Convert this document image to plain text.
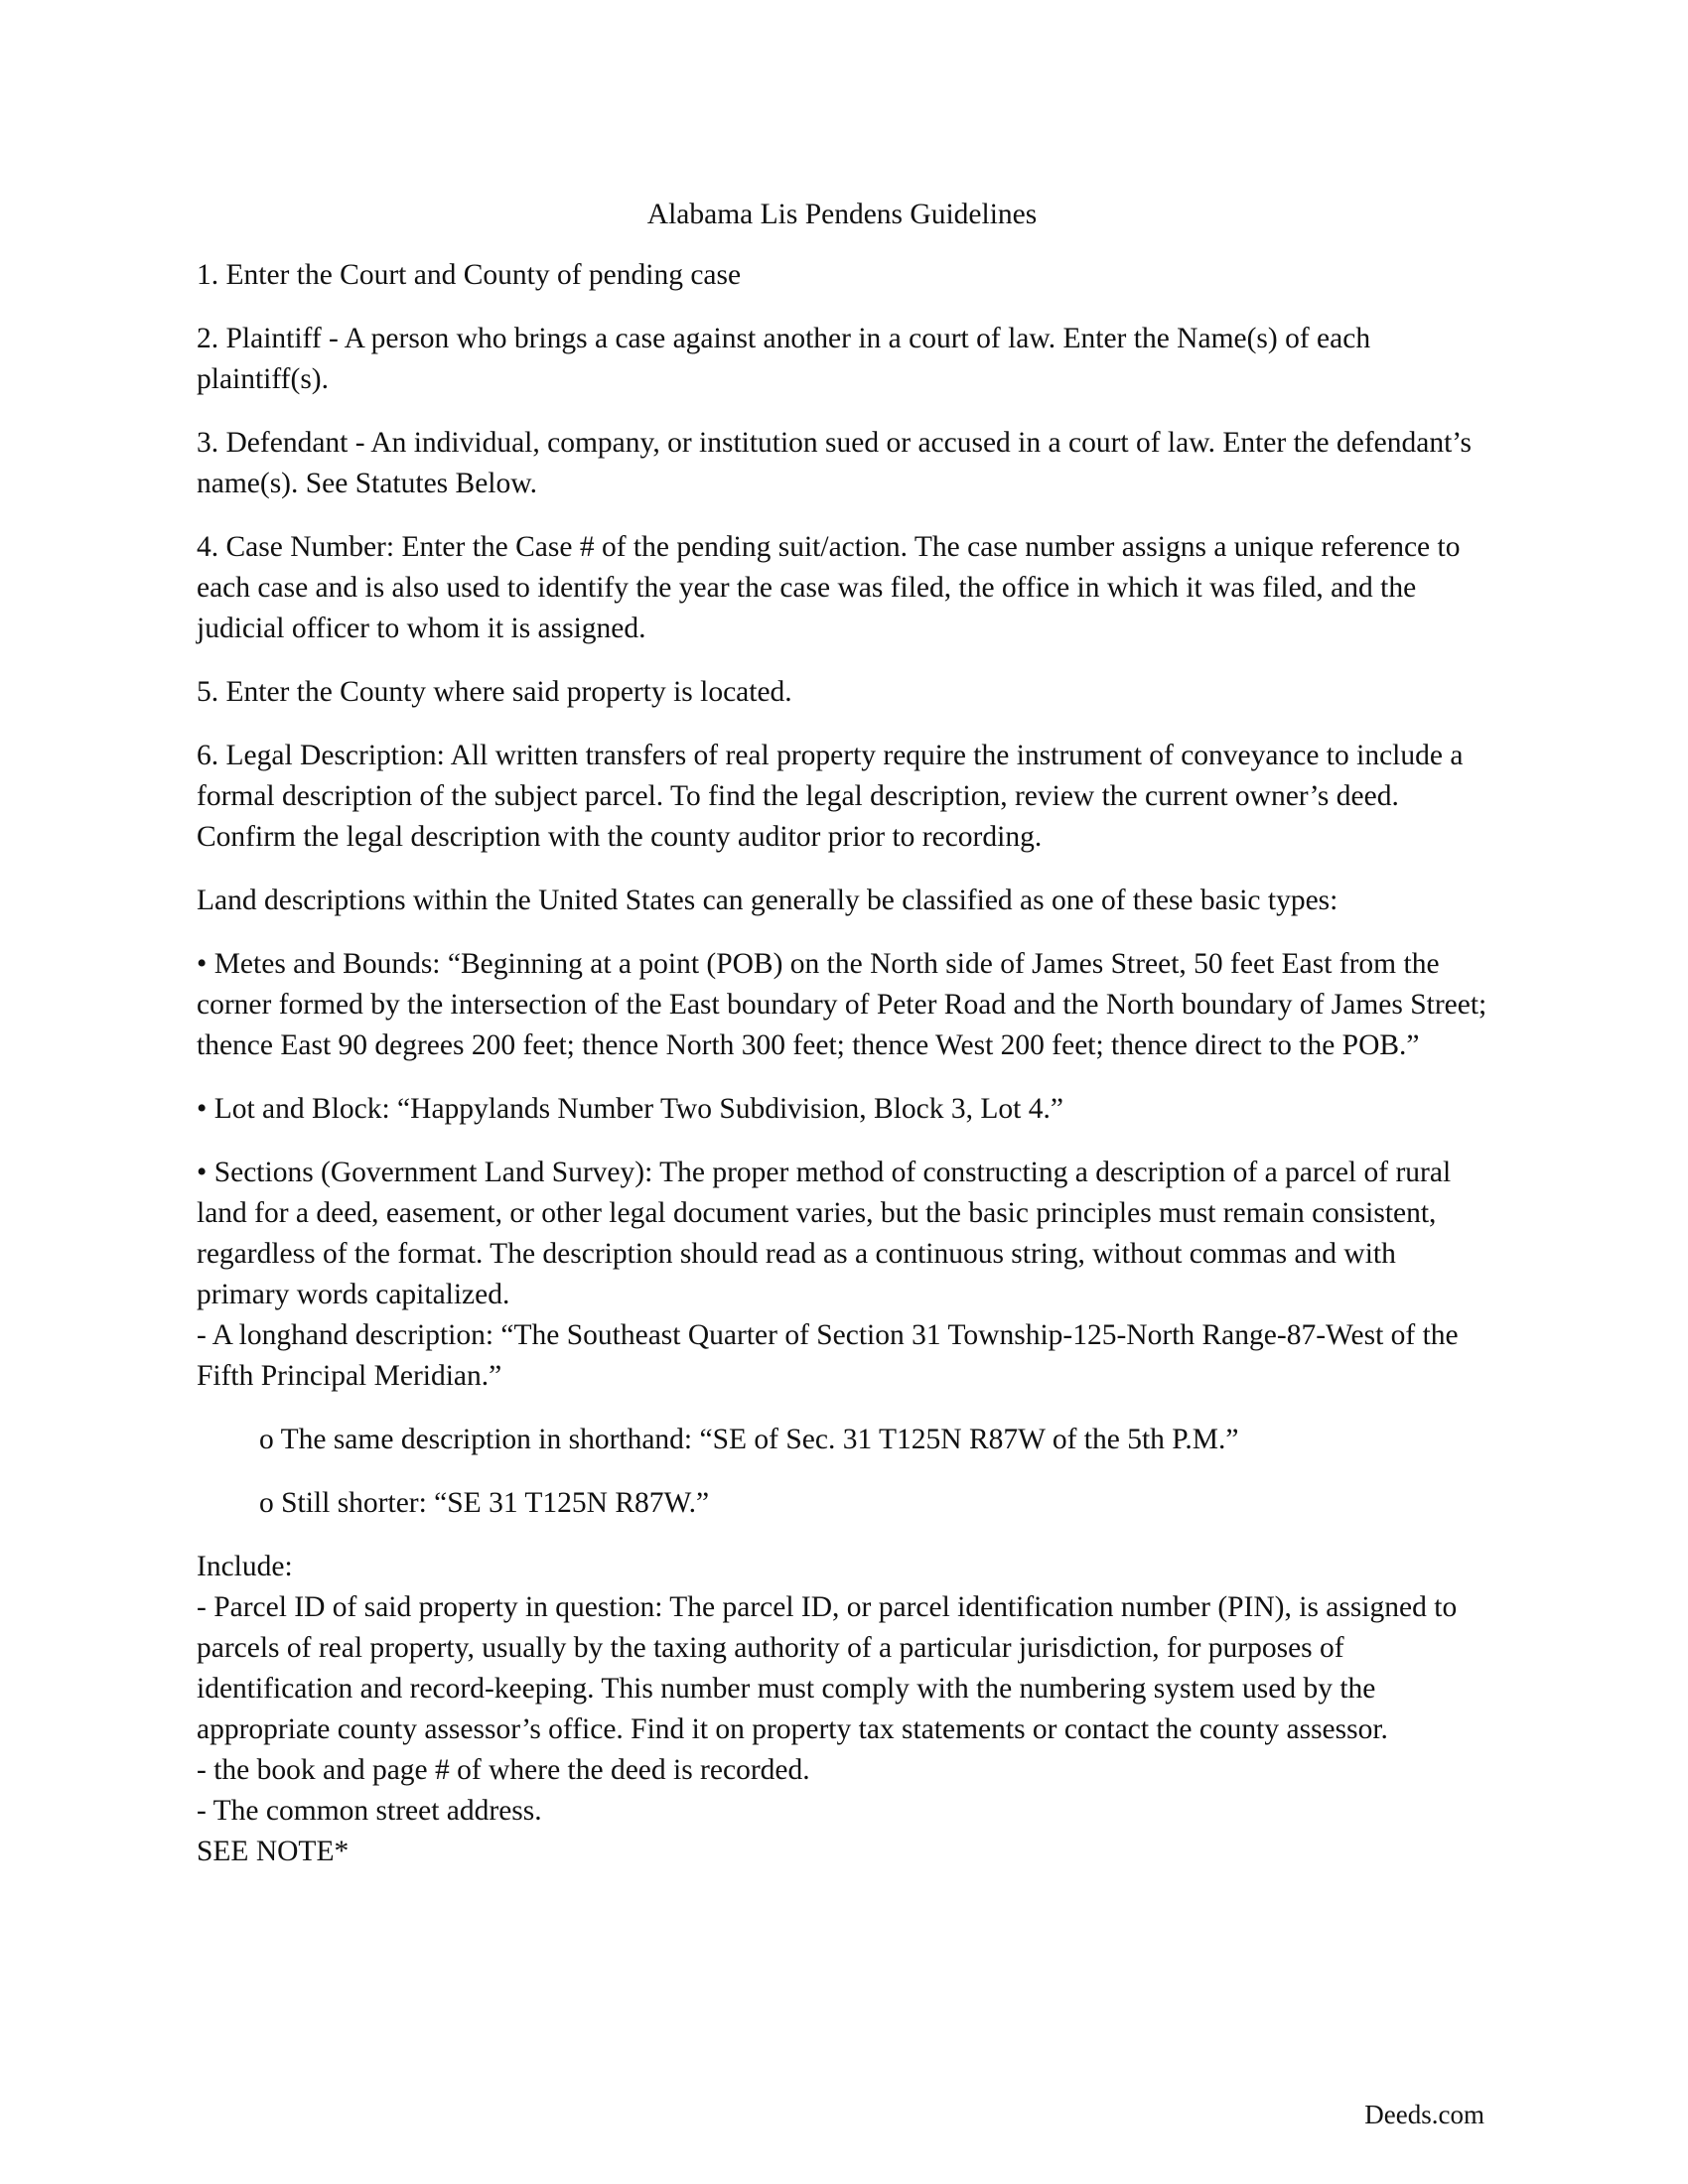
Alabama Lis Pendens Guidelines

1. Enter the Court and County of pending case

2. Plaintiff - A person who brings a case against another in a court of law. Enter the Name(s) of each plaintiff(s).

3. Defendant - An individual, company, or institution sued or accused in a court of law. Enter the defendant’s name(s). See Statutes Below.

4. Case Number: Enter the Case # of the pending suit/action. The case number assigns a unique reference to each case and is also used to identify the year the case was filed, the office in which it was filed, and the judicial officer to whom it is assigned.

5. Enter the County where said property is located.

6. Legal Description: All written transfers of real property require the instrument of conveyance to include a formal description of the subject parcel. To find the legal description, review the current owner’s deed. Confirm the legal description with the county auditor prior to recording.

Land descriptions within the United States can generally be classified as one of these basic types:

• Metes and Bounds: “Beginning at a point (POB) on the North side of James Street, 50 feet East from the corner formed by the intersection of the East boundary of Peter Road and the North boundary of James Street; thence East 90 degrees 200 feet; thence North 300 feet; thence West 200 feet; thence direct to the POB.”

• Lot and Block: “Happylands Number Two Subdivision, Block 3, Lot 4.”

• Sections (Government Land Survey): The proper method of constructing a description of a parcel of rural land for a deed, easement, or other legal document varies, but the basic principles must remain consistent, regardless of the format. The description should read as a continuous string, without commas and with primary words capitalized.

- A longhand description: “The Southeast Quarter of Section 31 Township-125-North Range-87-West of the Fifth Principal Meridian.”

o The same description in shorthand: “SE of Sec. 31 T125N R87W of the 5th P.M.”

o Still shorter: “SE 31 T125N R87W.”

Include:

- Parcel ID of said property in question: The parcel ID, or parcel identification number (PIN), is assigned to parcels of real property, usually by the taxing authority of a particular jurisdiction, for purposes of identification and record-keeping. This number must comply with the numbering system used by the appropriate county assessor’s office. Find it on property tax statements or contact the county assessor.

- the book and page # of where the deed is recorded.

- The common street address.

SEE NOTE*

Deeds.com
